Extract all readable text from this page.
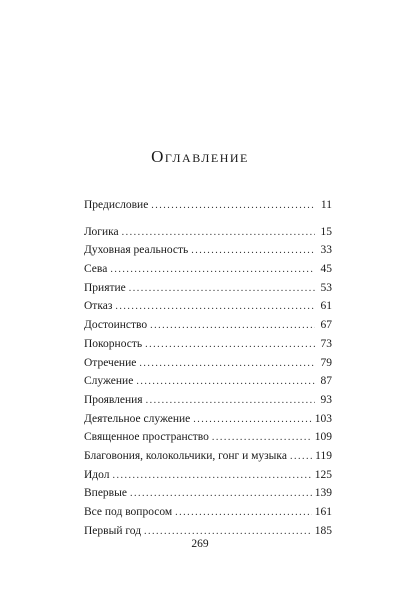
Оглавление
Предисловие . . .	11
Логика . . .	15
Духовная реальность . . .	33
Сева . . .	45
Приятие . . .	53
Отказ . . .	61
Достоинство . . .	67
Покорность . . .	73
Отречение . . .	79
Служение . . .	87
Проявления . . .	93
Деятельное служение . . .	103
Священное пространство . . .	109
Благовония, колокольчики, гонг и музыка . . . 119
Идол . . .	125
Впервые . . .	139
Все под вопросом . . .	161
Первый год . . .	185
269
